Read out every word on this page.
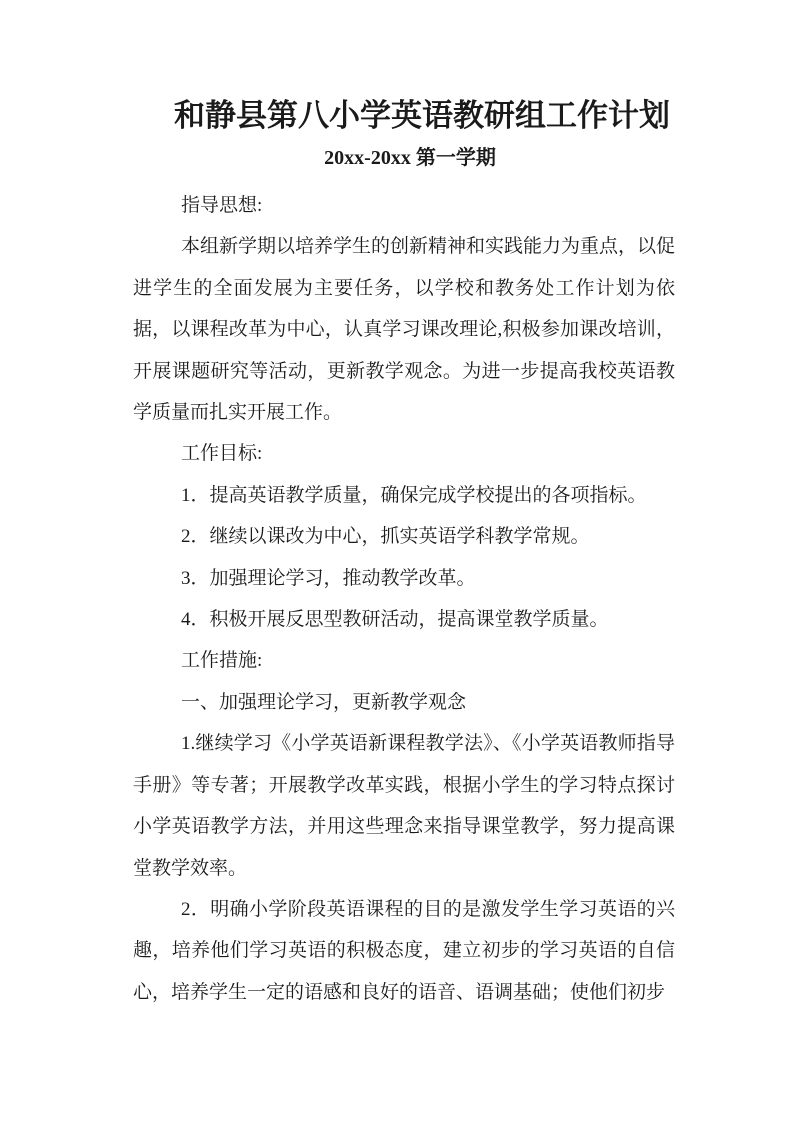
和静县第八小学英语教研组工作计划
20xx-20xx 第一学期

指导思想:

本组新学期以培养学生的创新精神和实践能力为重点，以促进学生的全面发展为主要任务，以学校和教务处工作计划为依据，以课程改革为中心，认真学习课改理论,积极参加课改培训，开展课题研究等活动，更新教学观念。为进一步提高我校英语教学质量而扎实开展工作。

工作目标:

1．提高英语教学质量，确保完成学校提出的各项指标。

2．继续以课改为中心，抓实英语学科教学常规。

3．加强理论学习，推动教学改革。

4．积极开展反思型教研活动，提高课堂教学质量。

工作措施:

一、加强理论学习，更新教学观念

1.继续学习《小学英语新课程教学法》、《小学英语教师指导手册》等专著；开展教学改革实践，根据小学生的学习特点探讨小学英语教学方法，并用这些理念来指导课堂教学，努力提高课堂教学效率。

2．明确小学阶段英语课程的目的是激发学生学习英语的兴趣，培养他们学习英语的积极态度，建立初步的学习英语的自信心，培养学生一定的语感和良好的语音、语调基础；使他们初步
